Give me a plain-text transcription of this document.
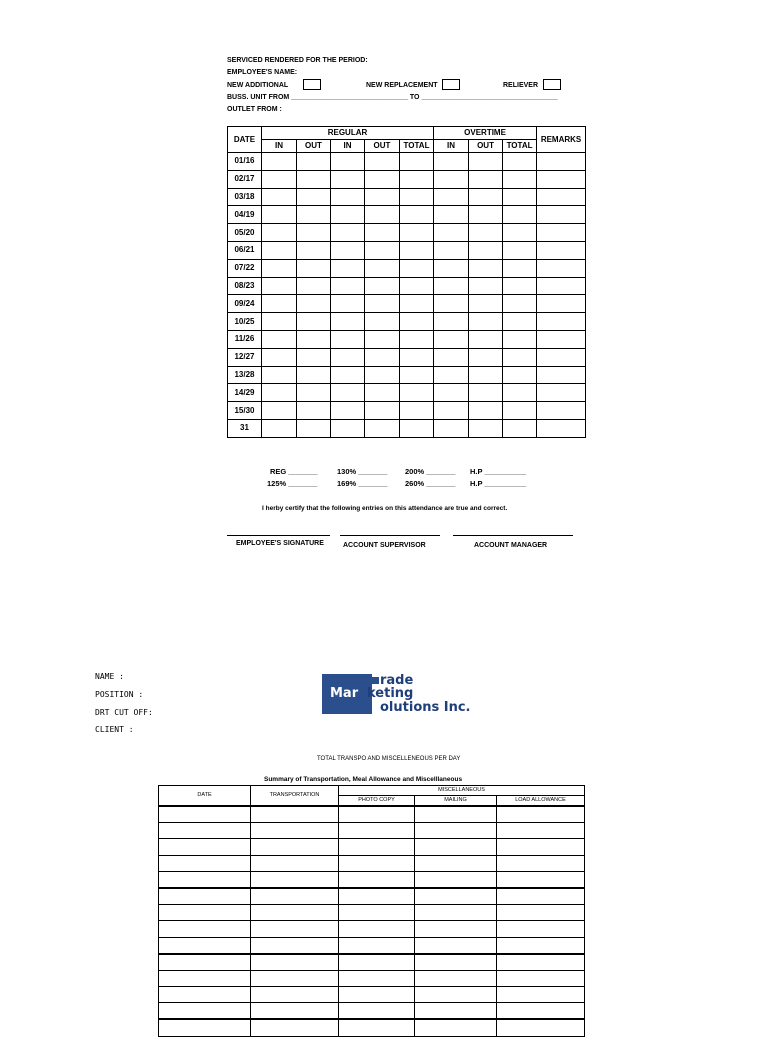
SERVICED RENDERED FOR THE PERIOD:
EMPLOYEE'S NAME:
NEW ADDITIONAL	NEW REPLACEMENT	RELIEVER
BUSS. UNIT FROM ______________________________ TO ___________________________________
OUTLET FROM :
DATE	REGULAR					OVERTIME			REMARKS
	IN	OUT	IN	OUT	TOTAL	IN	OUT	TOTAL	
01/16									
02/17									
03/18									
04/19									
05/20									
06/21									
07/22									
08/23									
09/24									
10/25									
11/26									
12/27									
13/28									
14/29									
15/30									
31									
REG _______	130% _______ 200% _______ H.P __________
125% _______	169% _______ 260% _______ H.P __________
I herby certify that the following entries on this attendance are true and correct.
EMPLOYEE'S SIGNATURE	ACCOUNT SUPERVISOR	ACCOUNT MANAGER
NAME :
POSITION :
DRT CUT OFF:
CLIENT :
rade
Mar keting
olutions Inc.
TOTAL TRANSPO AND MISCELLENEOUS PER DAY
Summary of Transportation, Meal Allowance and Miscelllaneous
DATE	TRANSPORTATION	MISCELLANEOUS		
		PHOTO COPY	MAILING	LOAD ALLOWANCE
